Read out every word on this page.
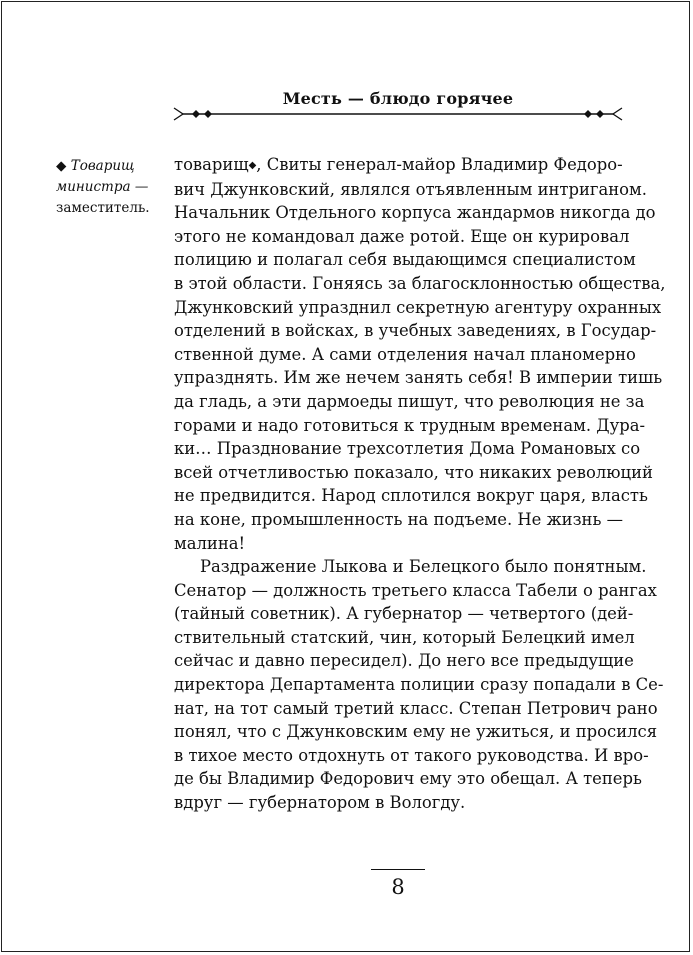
Месть — блюдо горячее
◆ Товарищ
министра —
заместитель.
товарищ◆, Свиты генерал-майор Владимир Федоро-
вич Джунковский, являлся отъявленным интриганом.
Начальник Отдельного корпуса жандармов никогда до
этого не командовал даже ротой. Еще он курировал
полицию и полагал себя выдающимся специалистом
в этой области. Гоняясь за благосклонностью общества,
Джунковский упразднил секретную агентуру охранных
отделений в войсках, в учебных заведениях, в Государ-
ственной думе. А сами отделения начал планомерно
упразднять. Им же нечем занять себя! В империи тишь
да гладь, а эти дармоеды пишут, что революция не за
горами и надо готовиться к трудным временам. Дура-
ки… Празднование трехсотлетия Дома Романовых со
всей отчетливостью показало, что никаких революций
не предвидится. Народ сплотился вокруг царя, власть
на коне, промышленность на подъеме. Не жизнь —
малина!
Раздражение Лыкова и Белецкого было понятным.
Сенатор — должность третьего класса Табели о рангах
(тайный советник). А губернатор — четвертого (дей-
ствительный статский, чин, который Белецкий имел
сейчас и давно пересидел). До него все предыдущие
директора Департамента полиции сразу попадали в Се-
нат, на тот самый третий класс. Степан Петрович рано
понял, что с Джунковским ему не ужиться, и просился
в тихое место отдохнуть от такого руководства. И вро-
де бы Владимир Федорович ему это обещал. А теперь
вдруг — губернатором в Вологду.
8
